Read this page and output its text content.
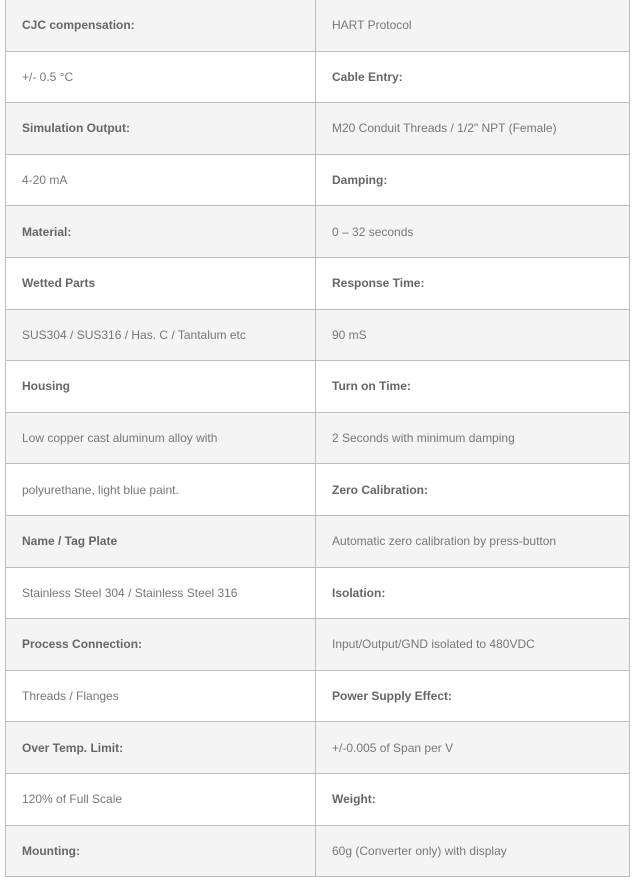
CJC compensation:	HART Protocol
+/- 0.5 °C	Cable Entry:
Simulation Output:	M20 Conduit Threads / 1/2" NPT (Female)
4-20 mA	Damping:
Material:	0 – 32 seconds
Wetted Parts	Response Time:
SUS304 / SUS316 / Has. C / Tantalum etc	90 mS
Housing	Turn on Time:
Low copper cast aluminum alloy with	2 Seconds with minimum damping
polyurethane, light blue paint.	Zero Calibration:
Name / Tag Plate	Automatic zero calibration by press-button
Stainless Steel 304 / Stainless Steel 316	Isolation:
Process Connection:	Input/Output/GND isolated to 480VDC
Threads / Flanges	Power Supply Effect:
Over Temp. Limit:	+/-0.005 of Span per V
120% of Full Scale	Weight:
Mounting:	60g (Converter only) with display
